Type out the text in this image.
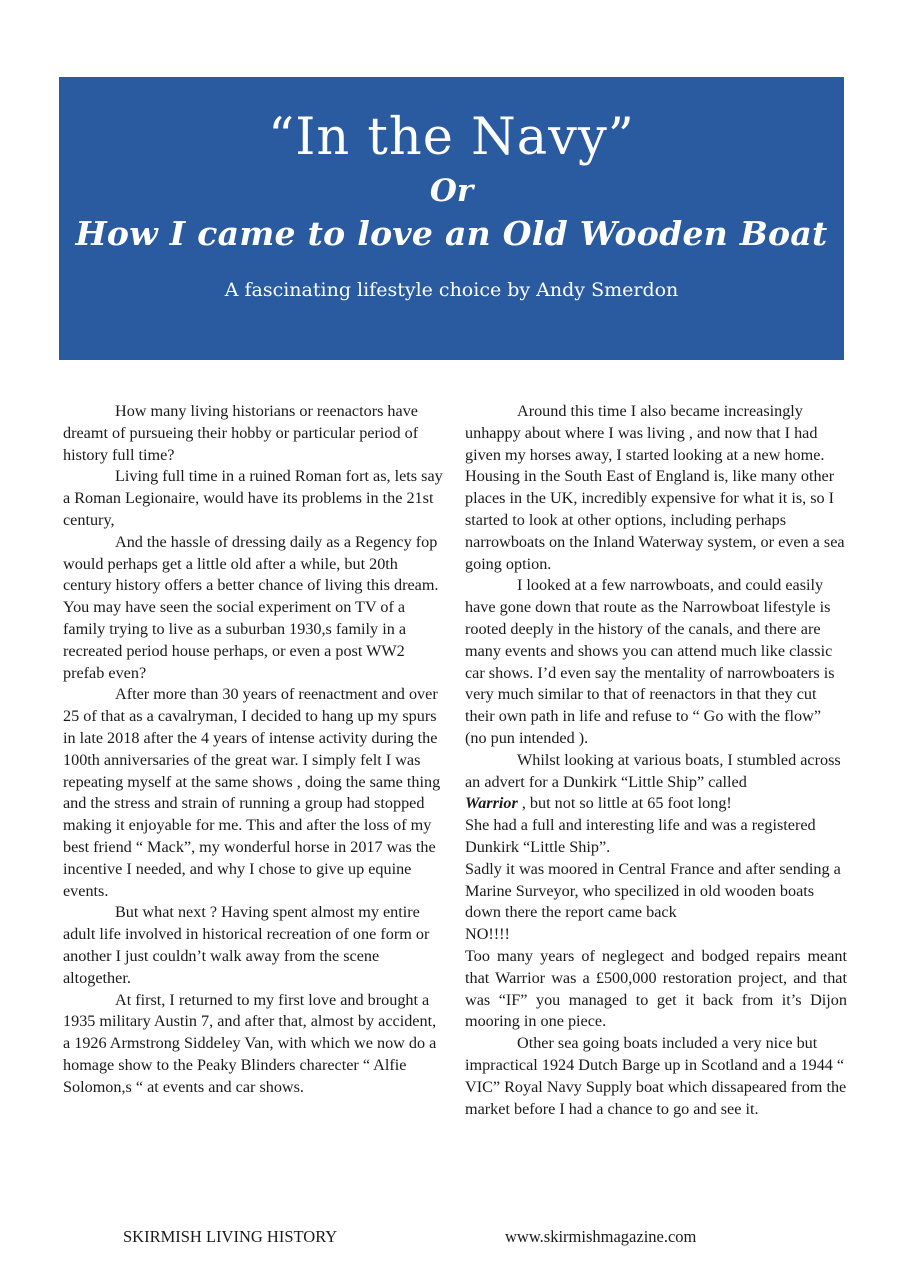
“In the Navy”
Or
How I came to love an Old Wooden Boat
A fascinating lifestyle choice by Andy Smerdon

How many living historians or reenactors have dreamt of pursueing their hobby or particular period of history full time?

Living full time in a ruined Roman fort as, lets say a Roman Legionaire, would have its problems in the 21st century,

And the hassle of dressing daily as a Regency fop would perhaps get a little old after a while, but 20th century history offers a better chance of living this dream.

You may have seen the social experiment on TV of a family trying to live as a suburban 1930,s family in a recreated period house perhaps, or even a post WW2 prefab even?

After more than 30 years of reenactment and over 25 of that as a cavalryman, I decided to hang up my spurs in late 2018 after the 4 years of intense activity during the 100th anniversaries of the great war. I simply felt I was repeating myself at the same shows , doing the same thing and the stress and strain of running a group had stopped making it enjoyable for me. This and after the loss of my best friend “ Mack”, my wonderful horse in 2017 was the incentive I needed, and why I chose to give up equine events.

But what next ? Having spent almost my entire adult life involved in historical recreation of one form or another I just couldn’t walk away from the scene altogether.

At first, I returned to my first love and brought a 1935 military Austin 7, and after that, almost by accident, a 1926 Armstrong Siddeley Van, with which we now do a homage show to the Peaky Blinders charecter “ Alfie Solomon,s “ at events and car shows.

Around this time I also became increasingly unhappy about where I was living , and now that I had given my horses away, I started looking at a new home. Housing in the South East of England is, like many other places in the UK, incredibly expensive for what it is, so I started to look at other options, including perhaps narrowboats on the Inland Waterway system, or even a sea going option.

I looked at a few narrowboats, and could easily have gone down that route as the Narrowboat lifestyle is rooted deeply in the history of the canals, and there are many events and shows you can attend much like classic car shows. I’d even say the mentality of narrowboaters is very much similar to that of reenactors in that they cut their own path in life and refuse to “ Go with the flow”

(no pun intended ).

Whilst looking at various boats, I stumbled across an advert for a Dunkirk “Little Ship” called
Warrior , but not so little at 65 foot long!

She had a full and interesting life and was a registered Dunkirk “Little Ship”.

Sadly it was moored in Central France and after sending a Marine Surveyor, who specilized in old wooden boats down there the report came back

NO!!!!

Too many years of neglegect and bodged repairs meant that Warrior was a £500,000 restoration project, and that was “IF” you managed to get it back from it’s Dijon mooring in one piece.

Other sea going boats included a very nice but impractical 1924 Dutch Barge up in Scotland and a 1944 “ VIC” Royal Navy Supply boat which dissapeared from the market before I had a chance to go and see it.

SKIRMISH LIVING HISTORY	www.skirmishmagazine.com
